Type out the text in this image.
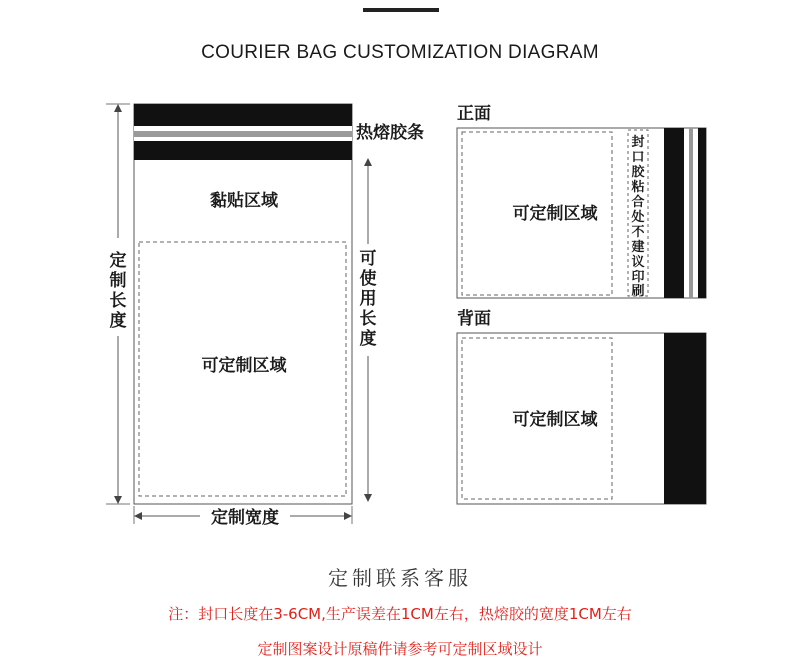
COURIER BAG CUSTOMIZATION DIAGRAM
热熔胶条
黏贴区域
可定制区域
定
制
长
度
可
使
用
长
度
定制宽度
正面
可定制区域
封
口
胶
粘
合
处
不
建
议
印
刷
背面
可定制区域
定制联系客服
注：封口长度在3-6CM,生产误差在1CM左右，热熔胶的宽度1CM左右
定制图案设计原稿件请参考可定制区域设计
